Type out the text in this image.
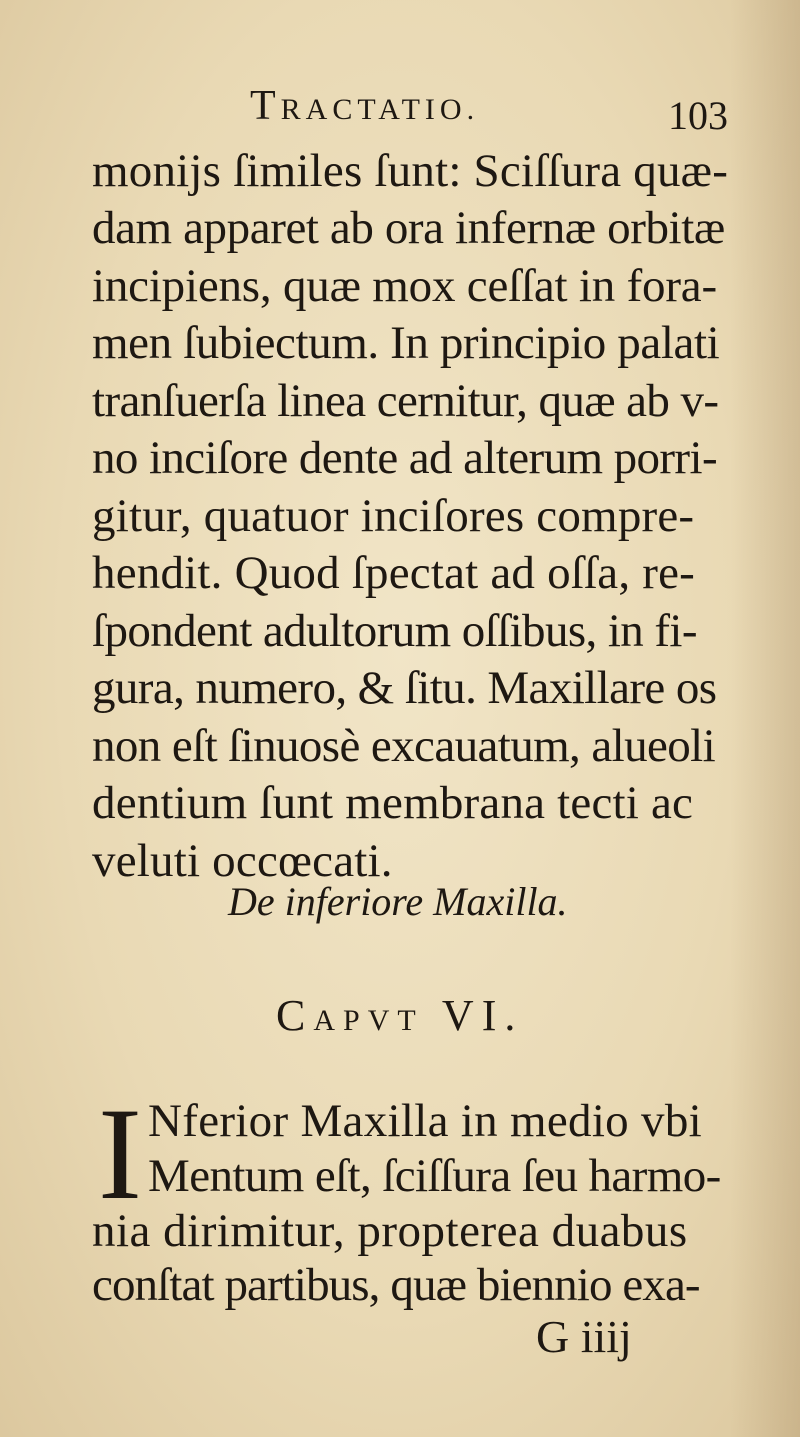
TRACTATIO.	103
monijs ſimiles ſunt: Sciſſura quæ-
dam apparet ab ora infernæ orbitæ
incipiens, quæ mox ceſſat in fora-
men ſubiectum. In principio palati
tranſuerſa linea cernitur, quæ ab v-
no inciſore dente ad alterum porri-
gitur, quatuor inciſores compre-
hendit. Quod ſpectat ad oſſa, re-
ſpondent adultorum oſſibus, in fi-
gura, numero, & ſitu. Maxillare os
non eſt ſinuosè excauatum, alueoli
dentium ſunt membrana tecti ac
veluti occœcati.
De inferiore Maxilla.
CAPVT VI.
I Nferior Maxilla in medio vbi
Mentum eſt, ſciſſura ſeu harmo-
nia dirimitur, propterea duabus
conſtat partibus, quæ biennio exa-
G iiij
